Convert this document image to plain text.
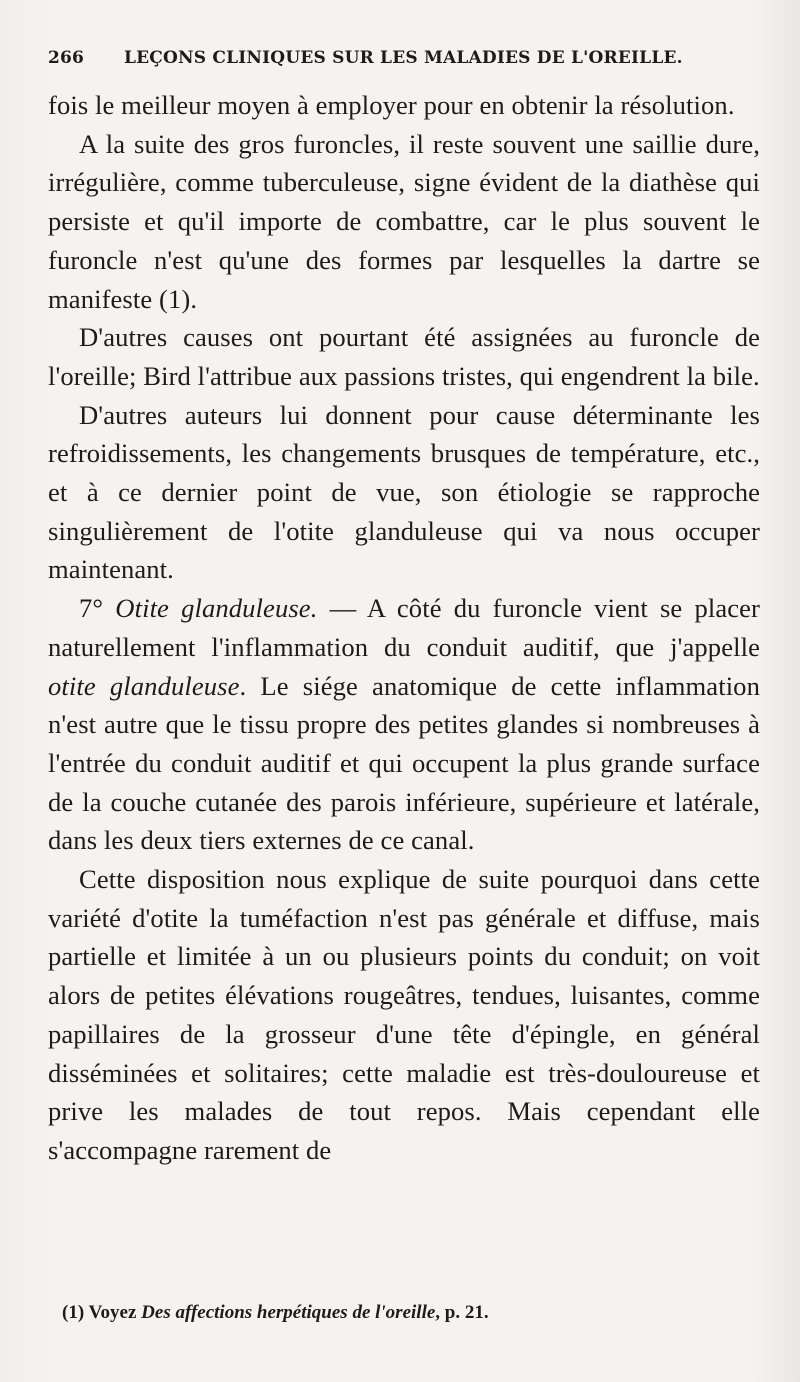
266 LEÇONS CLINIQUES SUR LES MALADIES DE L'OREILLE.

fois le meilleur moyen à employer pour en obtenir la résolution.

A la suite des gros furoncles, il reste souvent une saillie dure, irrégulière, comme tuberculeuse, signe évident de la diathèse qui persiste et qu'il importe de combattre, car le plus souvent le furoncle n'est qu'une des formes par lesquelles la dartre se manifeste (1).

D'autres causes ont pourtant été assignées au furoncle de l'oreille; Bird l'attribue aux passions tristes, qui engendrent la bile.

D'autres auteurs lui donnent pour cause déterminante les refroidissements, les changements brusques de température, etc., et à ce dernier point de vue, son étiologie se rapproche singulièrement de l'otite glanduleuse qui va nous occuper maintenant.

7° Otite glanduleuse. — A côté du furoncle vient se placer naturellement l'inflammation du conduit auditif, que j'appelle otite glanduleuse. Le siége anatomique de cette inflammation n'est autre que le tissu propre des petites glandes si nombreuses à l'entrée du conduit auditif et qui occupent la plus grande surface de la couche cutanée des parois inférieure, supérieure et latérale, dans les deux tiers externes de ce canal.

Cette disposition nous explique de suite pourquoi dans cette variété d'otite la tuméfaction n'est pas générale et diffuse, mais partielle et limitée à un ou plusieurs points du conduit; on voit alors de petites élévations rougeâtres, tendues, luisantes, comme papillaires de la grosseur d'une tête d'épingle, en général disséminées et solitaires; cette maladie est très-douloureuse et prive les malades de tout repos. Mais cependant elle s'accompagne rarement de

(1) Voyez Des affections herpétiques de l'oreille, p. 21.
